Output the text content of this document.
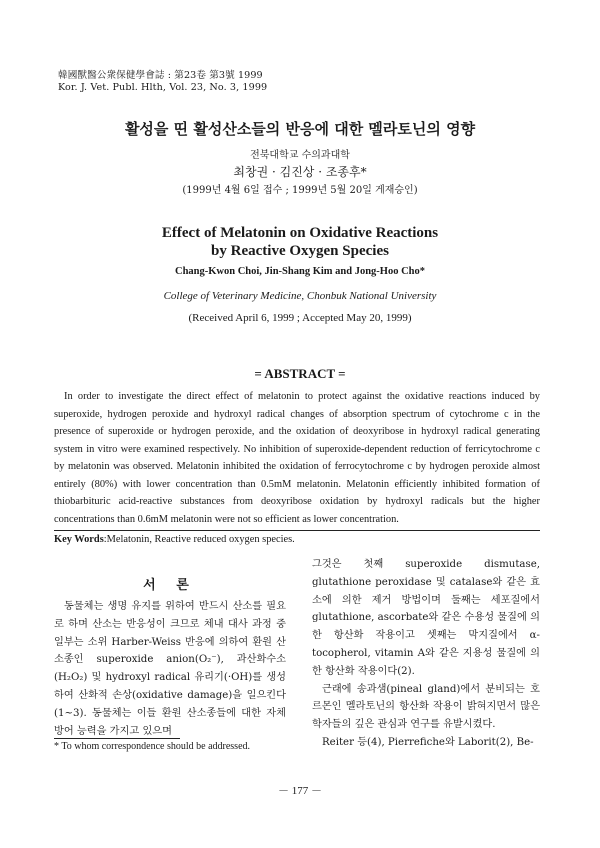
韓國獸醫公衆保健學會誌 : 第23卷 第3號 1999
Kor. J. Vet. Publ. Hlth, Vol. 23, No. 3, 1999
활성을 띤 활성산소들의 반응에 대한 멜라토닌의 영향
전북대학교 수의과대학
최창권 · 김진상 · 조종후*
(1999년 4월 6일 접수 ; 1999년 5월 20일 게재승인)
Effect of Melatonin on Oxidative Reactions
by Reactive Oxygen Species
Chang-Kwon Choi, Jin-Shang Kim and Jong-Hoo Cho*
College of Veterinary Medicine, Chonbuk National University
(Received April 6, 1999 ; Accepted May 20, 1999)
= ABSTRACT =

In order to investigate the direct effect of melatonin to protect against the oxidative reactions induced by superoxide, hydrogen peroxide and hydroxyl radical changes of absorption spectrum of cytochrome c in the presence of superoxide or hydrogen peroxide, and the oxidation of deoxyribose in hydroxyl radical generating system in vitro were examined respectively. No inhibition of superoxide-dependent reduction of ferricytochrome c by melatonin was observed. Melatonin inhibited the oxidation of ferrocytochrome c by hydrogen peroxide almost entirely (80%) with lower concentration than 0.5mM melatonin. Melatonin efficiently inhibited formation of thiobarbituric acid-reactive substances from deoxyribose oxidation by hydroxyl radicals but the higher concentrations than 0.6mM melatonin were not so efficient as lower concentration.

Key Words:Melatonin, Reactive reduced oxygen species.
서 론

동물체는 생명 유지를 위하여 반드시 산소를 필요로 하며 산소는 반응성이 크므로 체내 대사 과정 중 일부는 소위 Harber-Weiss 반응에 의하여 환원 산소종인 superoxide anion(O₂⁻), 과산화수소(H₂O₂) 및 hydroxyl radical 유리기(·OH)를 생성하여 산화적 손상(oxidative damage)을 일으킨다(1~3). 동물체는 이들 환원 산소종들에 대한 자체 방어 능력을 가지고 있으며

그것은 첫째 superoxide dismutase, glutathione peroxidase 및 catalase와 같은 효소에 의한 제거 방법이며 둘째는 세포질에서 glutathione, ascorbate와 같은 수용성 물질에 의한 항산화 작용이고 셋째는 막지질에서 α-tocopherol, vitamin A와 같은 지용성 물질에 의한 항산화 작용이다(2).

근래에 송과샘(pineal gland)에서 분비되는 호르몬인 멜라토닌의 항산화 작용이 밝혀지면서 많은 학자들의 깊은 관심과 연구를 유발시켰다.

Reiter 등(4), Pierrefiche와 Laborit(2), Be-

* To whom correspondence should be addressed.
－ 177 －
